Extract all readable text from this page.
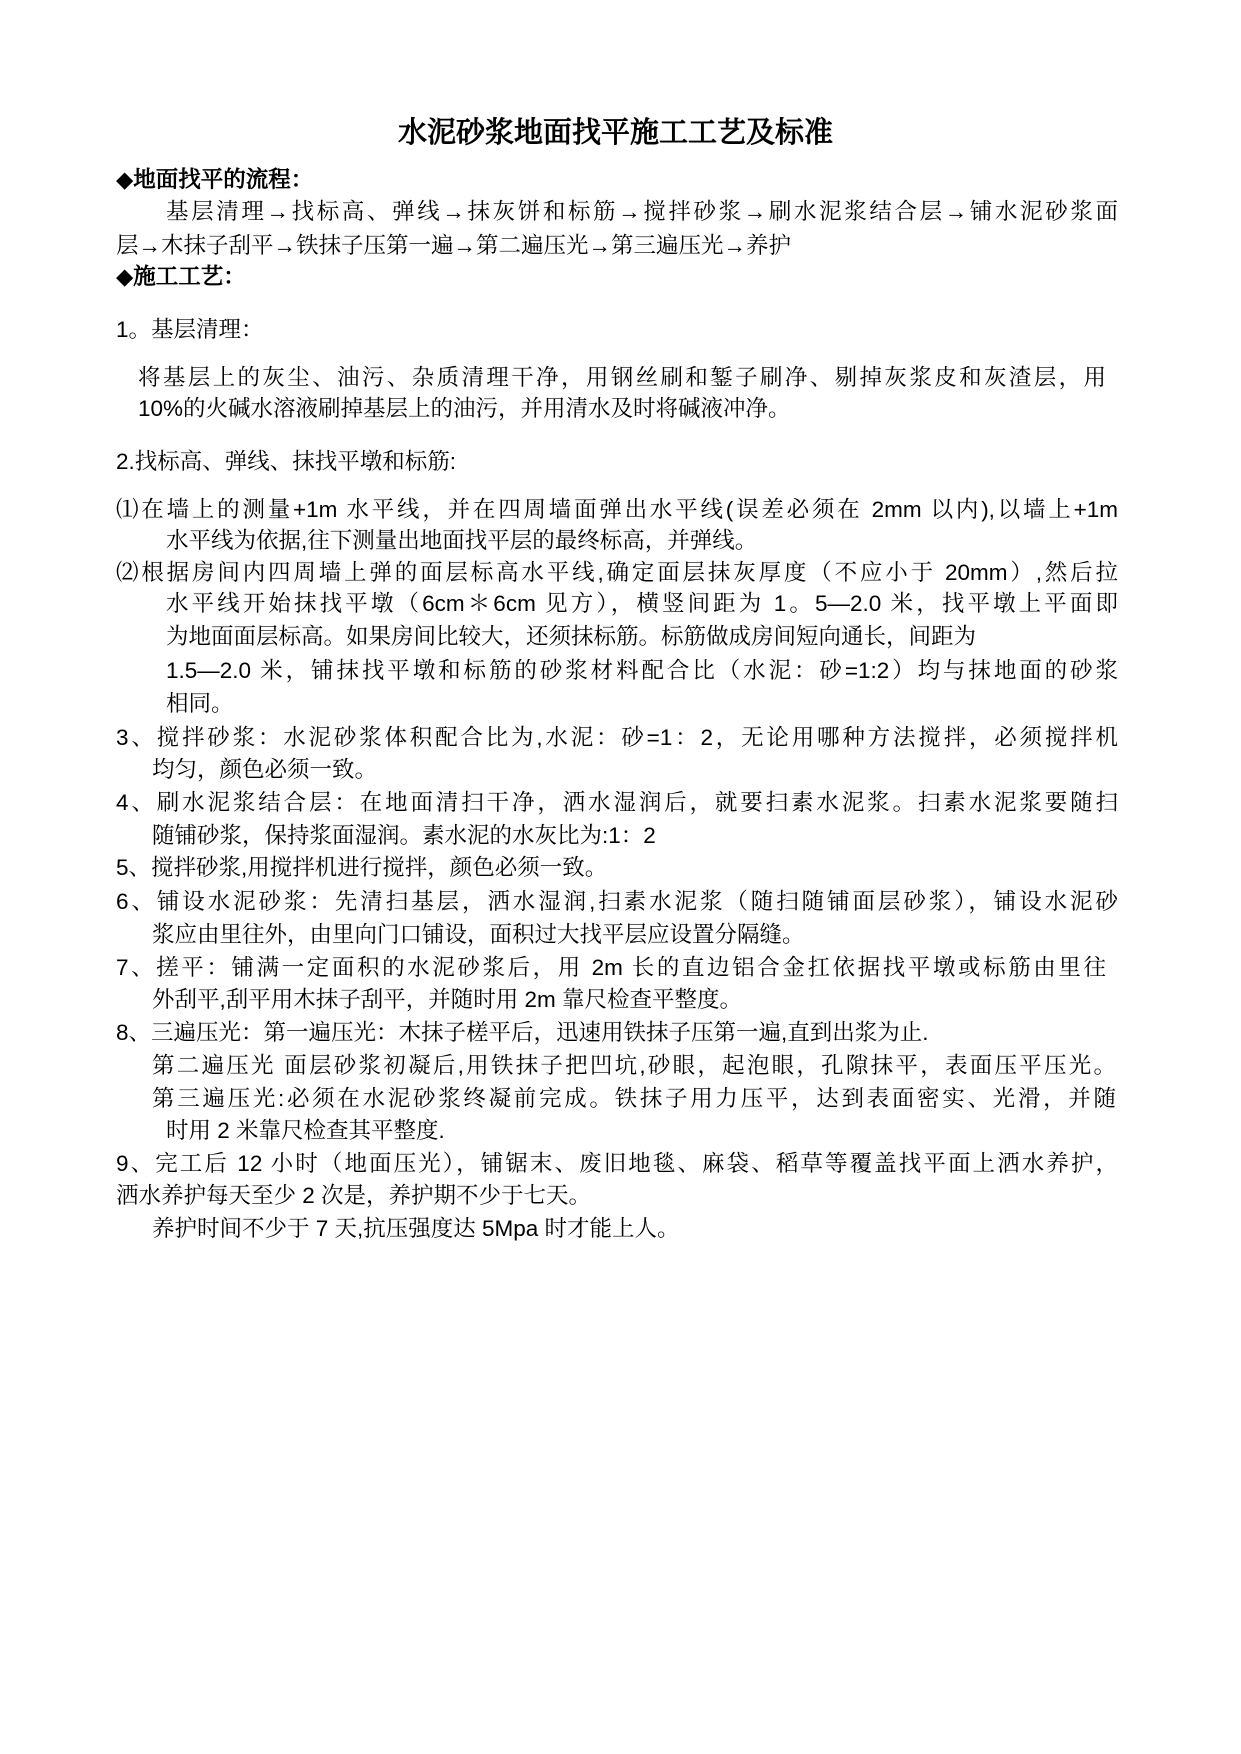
水泥砂浆地面找平施工工艺及标准
◆地面找平的流程：
基层清理→找标高、弹线→抹灰饼和标筋→搅拌砂浆→刷水泥浆结合层→铺水泥砂浆面
层→木抹子刮平→铁抹子压第一遍→第二遍压光→第三遍压光→养护
◆施工工艺：
1。基层清理：
将基层上的灰尘、油污、杂质清理干净，用钢丝刷和錾子刷净、剔掉灰浆皮和灰渣层，用
10%的火碱水溶液刷掉基层上的油污，并用清水及时将碱液冲净。
2.找标高、弹线、抹找平墩和标筋:
⑴在墙上的测量+1m 水平线，并在四周墙面弹出水平线(误差必须在 2mm 以内),以墙上+1m
水平线为依据,往下测量出地面找平层的最终标高，并弹线。
⑵根据房间内四周墙上弹的面层标高水平线,确定面层抹灰厚度（不应小于 20mm）,然后拉
水平线开始抹找平墩（6cm＊6cm 见方），横竖间距为 1。5—2.0 米，找平墩上平面即
为地面面层标高。如果房间比较大，还须抹标筋。标筋做成房间短向通长，间距为
1.5—2.0 米，铺抹找平墩和标筋的砂浆材料配合比（水泥：砂=1:2）均与抹地面的砂浆
相同。
3、搅拌砂浆：水泥砂浆体积配合比为,水泥：砂=1：2，无论用哪种方法搅拌，必须搅拌机
均匀，颜色必须一致。
4、刷水泥浆结合层：在地面清扫干净，洒水湿润后，就要扫素水泥浆。扫素水泥浆要随扫
随铺砂浆，保持浆面湿润。素水泥的水灰比为:1：2
5、搅拌砂浆,用搅拌机进行搅拌，颜色必须一致。
6、铺设水泥砂浆：先清扫基层，洒水湿润,扫素水泥浆（随扫随铺面层砂浆），铺设水泥砂
浆应由里往外，由里向门口铺设，面积过大找平层应设置分隔缝。
7、搓平：铺满一定面积的水泥砂浆后，用 2m 长的直边铝合金扛依据找平墩或标筋由里往
外刮平,刮平用木抹子刮平，并随时用 2m 靠尺检查平整度。
8、三遍压光：第一遍压光：木抹子槎平后，迅速用铁抹子压第一遍,直到出浆为止.
第二遍压光 面层砂浆初凝后,用铁抹子把凹坑,砂眼，起泡眼，孔隙抹平，表面压平压光。
第三遍压光:必须在水泥砂浆终凝前完成。铁抹子用力压平，达到表面密实、光滑，并随
时用 2 米靠尺检查其平整度.
9、完工后 12 小时（地面压光），铺锯末、废旧地毯、麻袋、稻草等覆盖找平面上洒水养护，
洒水养护每天至少 2 次是，养护期不少于七天。
养护时间不少于 7 天,抗压强度达 5Mpa 时才能上人。
